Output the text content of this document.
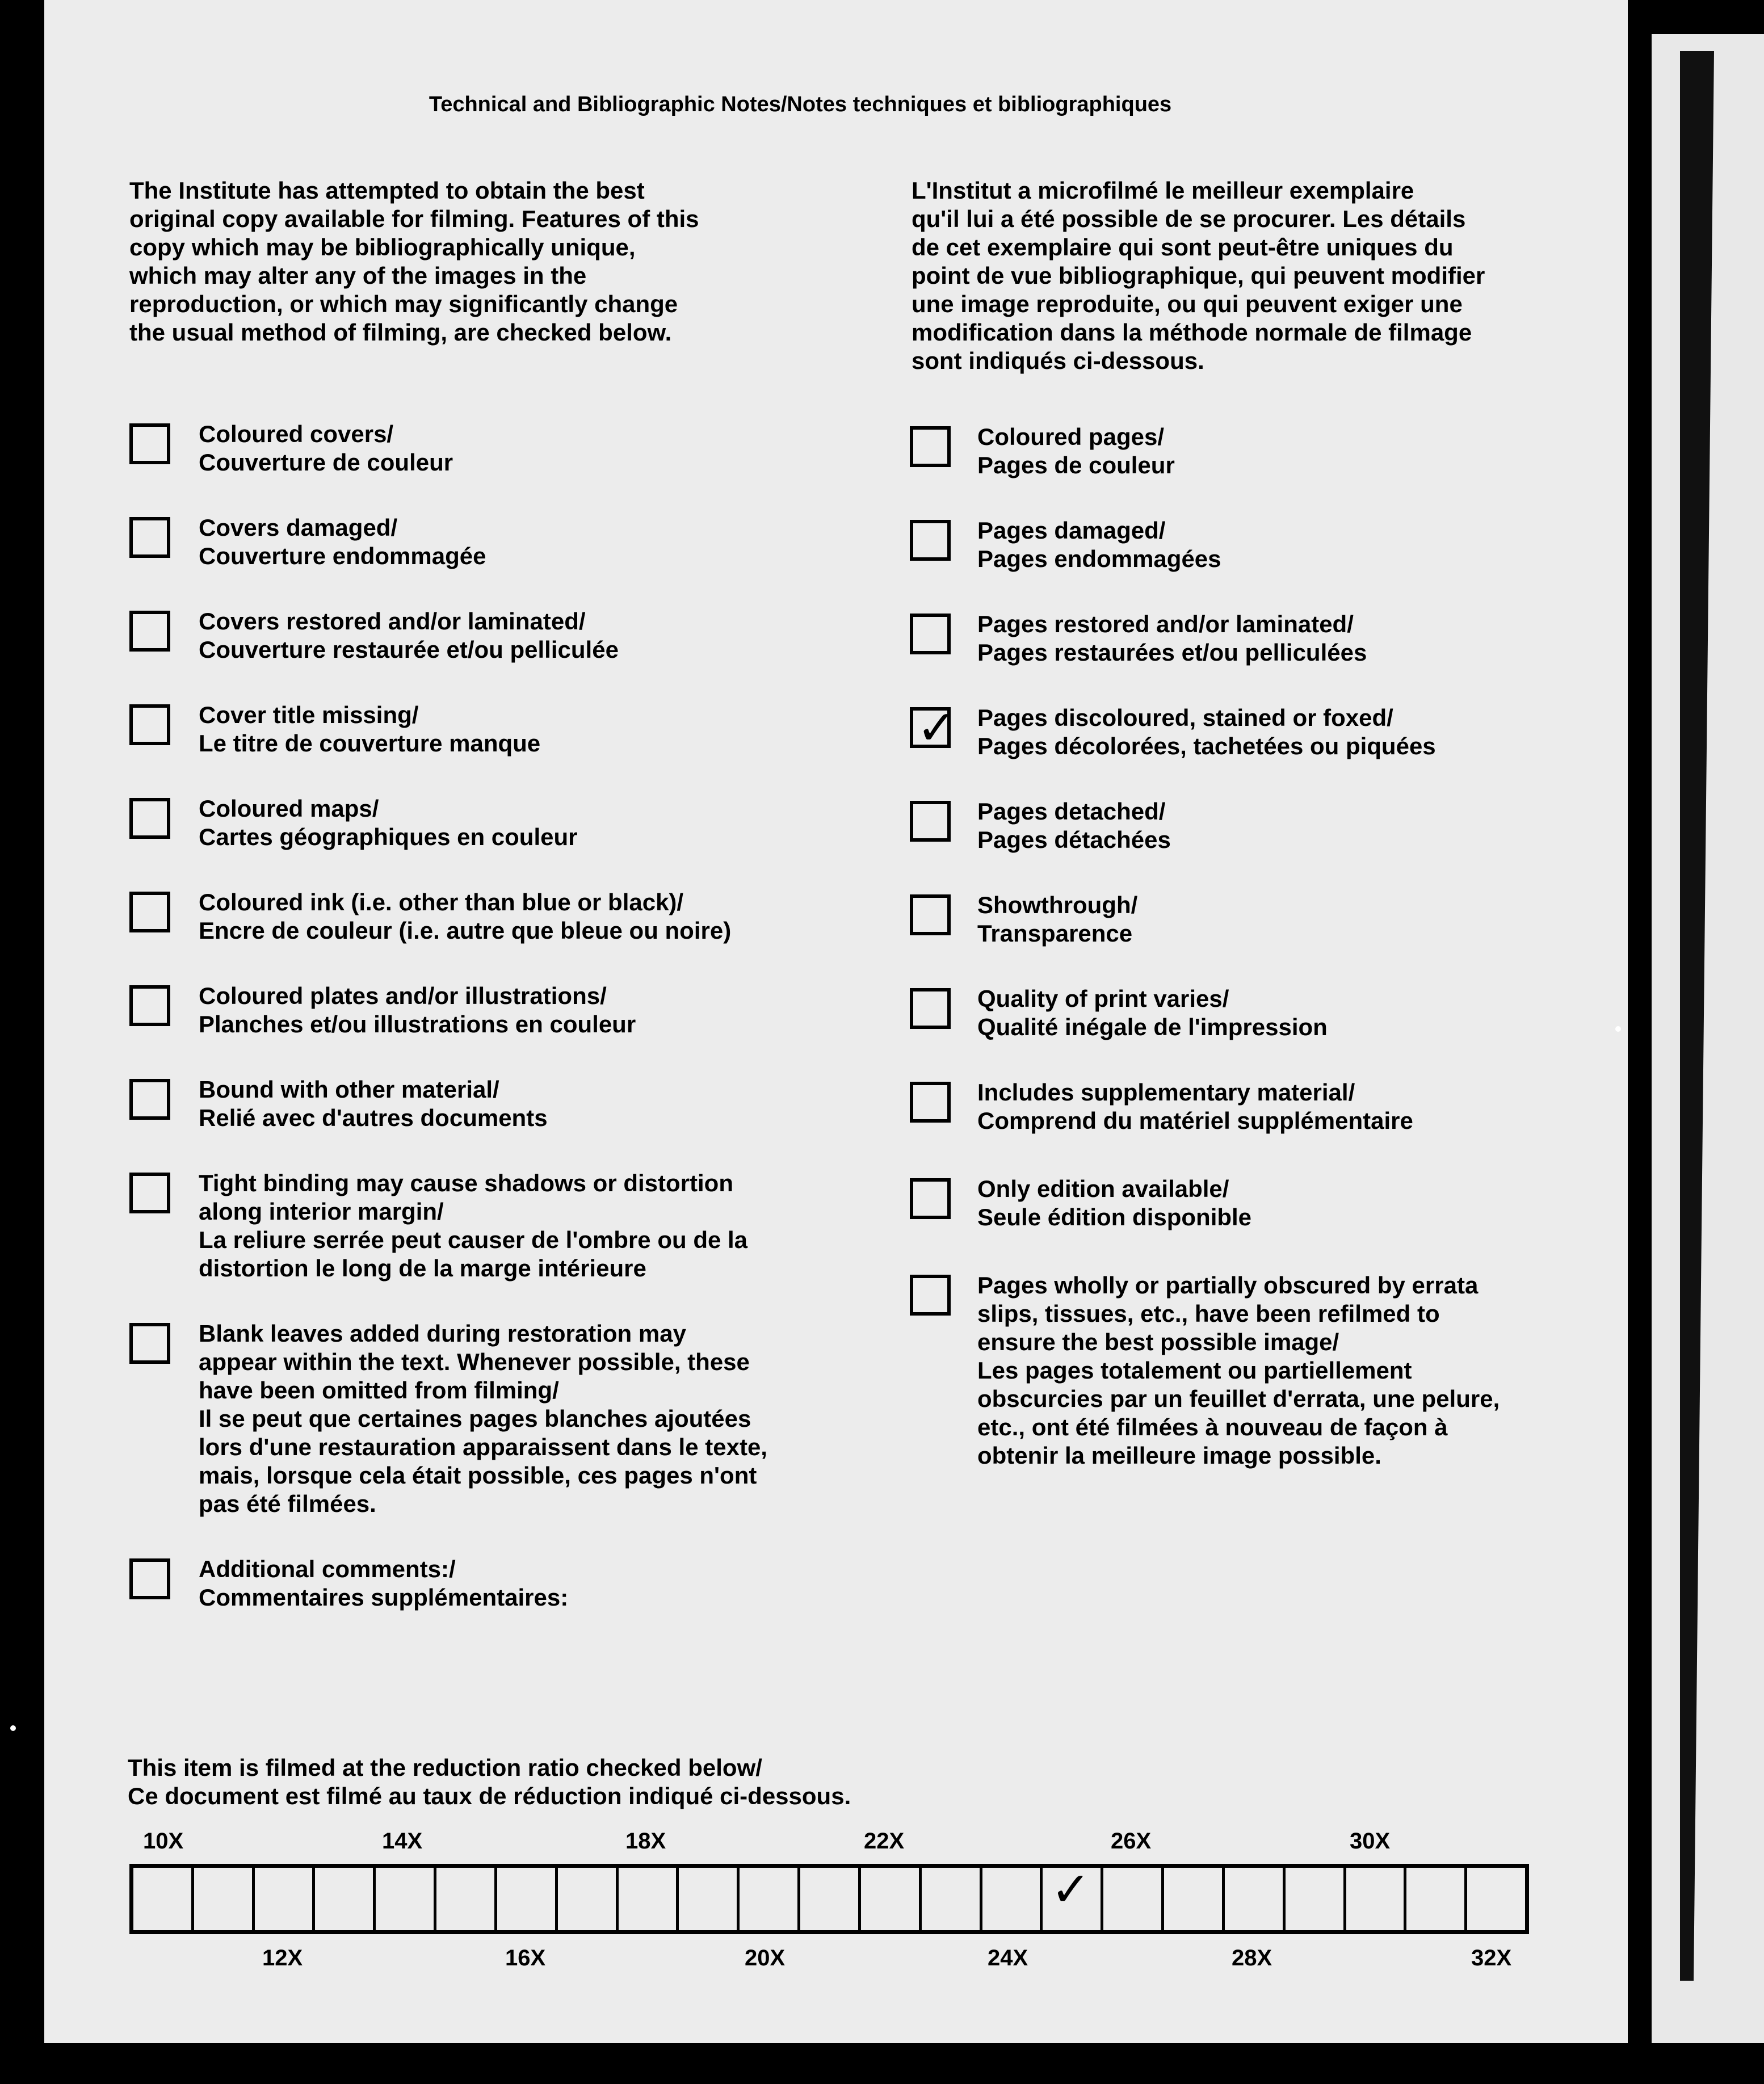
Technical and Bibliographic Notes/Notes techniques et bibliographiques
The Institute has attempted to obtain the best
original copy available for filming. Features of this
copy which may be bibliographically unique,
which may alter any of the images in the
reproduction, or which may significantly change
the usual method of filming, are checked below.
L'Institut a microfilmé le meilleur exemplaire
qu'il lui a été possible de se procurer. Les détails
de cet exemplaire qui sont peut-être uniques du
point de vue bibliographique, qui peuvent modifier
une image reproduite, ou qui peuvent exiger une
modification dans la méthode normale de filmage
sont indiqués ci-dessous.
Coloured covers/
Couverture de couleur
Covers damaged/
Couverture endommagée
Covers restored and/or laminated/
Couverture restaurée et/ou pelliculée
Cover title missing/
Le titre de couverture manque
Coloured maps/
Cartes géographiques en couleur
Coloured ink (i.e. other than blue or black)/
Encre de couleur (i.e. autre que bleue ou noire)
Coloured plates and/or illustrations/
Planches et/ou illustrations en couleur
Bound with other material/
Relié avec d'autres documents
Tight binding may cause shadows or distortion
along interior margin/
La reliure serrée peut causer de l'ombre ou de la
distortion le long de la marge intérieure
Blank leaves added during restoration may
appear within the text. Whenever possible, these
have been omitted from filming/
Il se peut que certaines pages blanches ajoutées
lors d'une restauration apparaissent dans le texte,
mais, lorsque cela était possible, ces pages n'ont
pas été filmées.
Additional comments:/
Commentaires supplémentaires:
Coloured pages/
Pages de couleur
Pages damaged/
Pages endommagées
Pages restored and/or laminated/
Pages restaurées et/ou pelliculées
✓ Pages discoloured, stained or foxed/
Pages décolorées, tachetées ou piquées
Pages detached/
Pages détachées
Showthrough/
Transparence
Quality of print varies/
Qualité inégale de l'impression
Includes supplementary material/
Comprend du matériel supplémentaire
Only edition available/
Seule édition disponible
Pages wholly or partially obscured by errata
slips, tissues, etc., have been refilmed to
ensure the best possible image/
Les pages totalement ou partiellement
obscurcies par un feuillet d'errata, une pelure,
etc., ont été filmées à nouveau de façon à
obtenir la meilleure image possible.
This item is filmed at the reduction ratio checked below/
Ce document est filmé au taux de réduction indiqué ci-dessous.
10X	14X	18X	22X	26X	30X
12X	16X	20X	24X	28X	32X
✓
